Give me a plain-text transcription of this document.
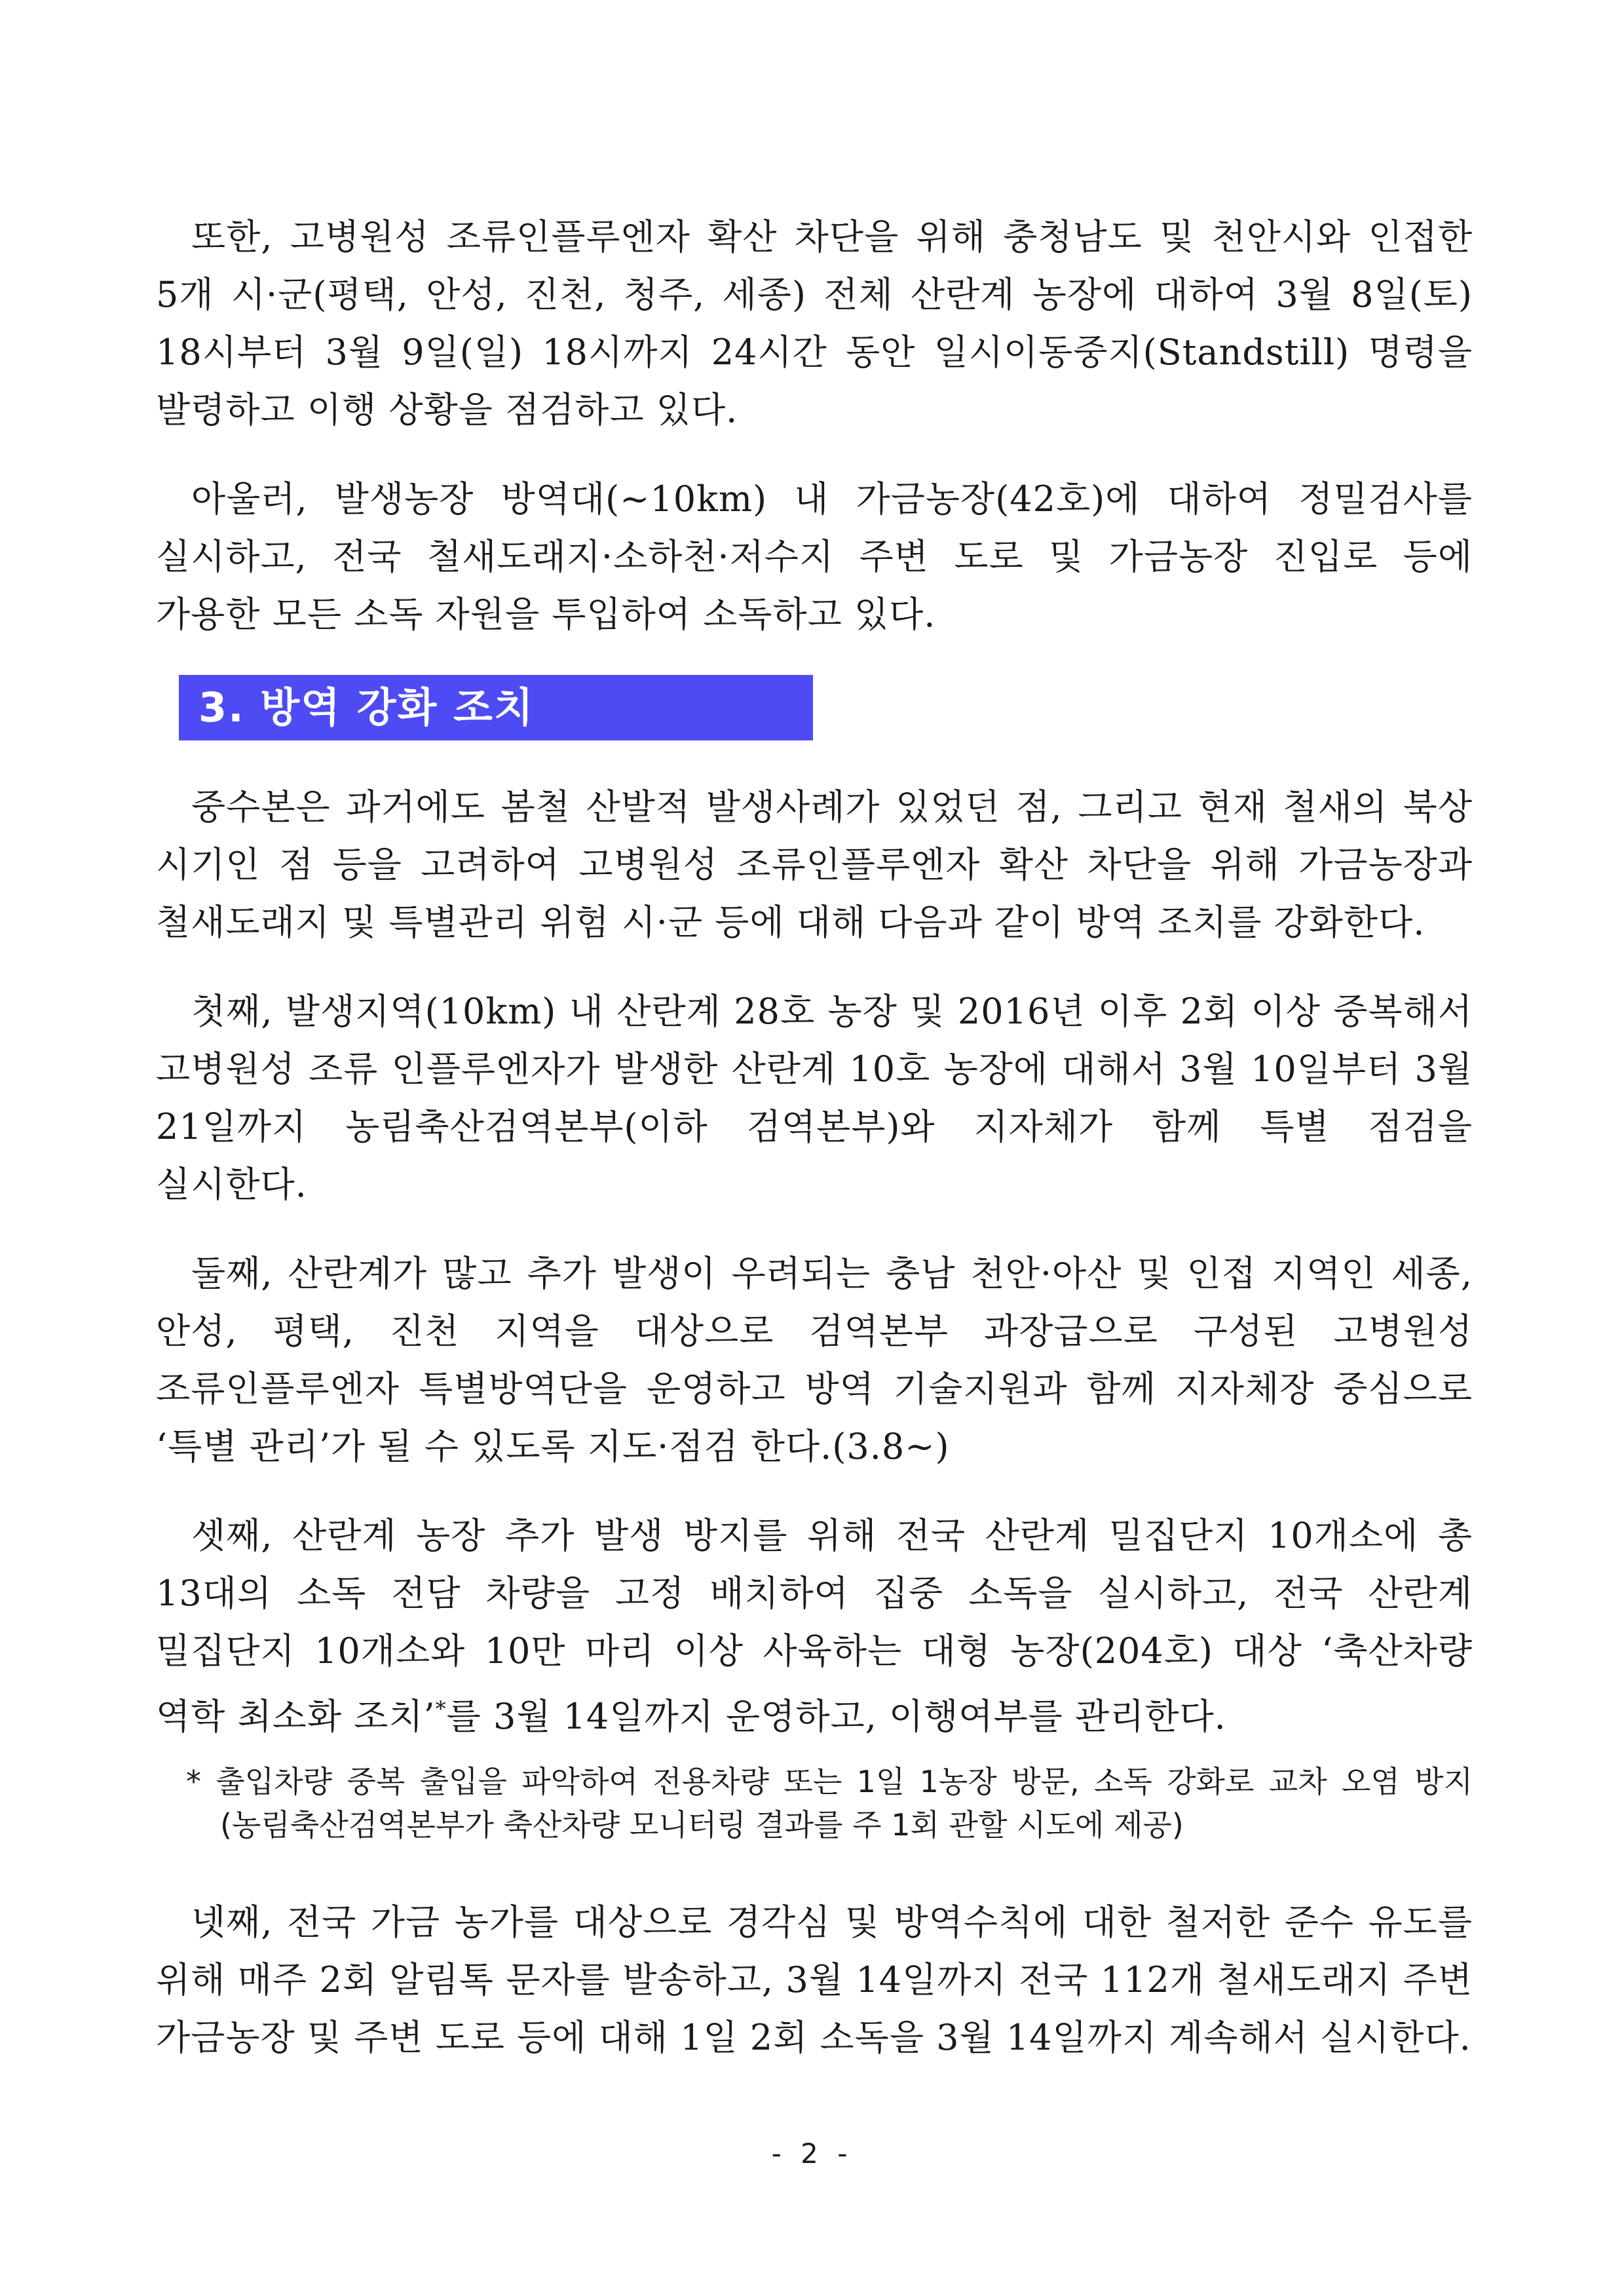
또한, 고병원성 조류인플루엔자 확산 차단을 위해 충청남도 및 천안시와 인접한 5개 시·군(평택, 안성, 진천, 청주, 세종) 전체 산란계 농장에 대하여 3월 8일(토) 18시부터 3월 9일(일) 18시까지 24시간 동안 일시이동중지(Standstill) 명령을 발령하고 이행 상황을 점검하고 있다.

아울러, 발생농장 방역대(~10km) 내 가금농장(42호)에 대하여 정밀검사를 실시하고, 전국 철새도래지·소하천·저수지 주변 도로 및 가금농장 진입로 등에 가용한 모든 소독 자원을 투입하여 소독하고 있다.

3. 방역 강화 조치

중수본은 과거에도 봄철 산발적 발생사례가 있었던 점, 그리고 현재 철새의 북상 시기인 점 등을 고려하여 고병원성 조류인플루엔자 확산 차단을 위해 가금농장과 철새도래지 및 특별관리 위험 시·군 등에 대해 다음과 같이 방역 조치를 강화한다.

첫째, 발생지역(10km) 내 산란계 28호 농장 및 2016년 이후 2회 이상 중복해서 고병원성 조류 인플루엔자가 발생한 산란계 10호 농장에 대해서 3월 10일부터 3월 21일까지 농림축산검역본부(이하 검역본부)와 지자체가 함께 특별 점검을 실시한다.

둘째, 산란계가 많고 추가 발생이 우려되는 충남 천안·아산 및 인접 지역인 세종, 안성, 평택, 진천 지역을 대상으로 검역본부 과장급으로 구성된 고병원성 조류인플루엔자 특별방역단을 운영하고 방역 기술지원과 함께 지자체장 중심으로 ‘특별 관리’가 될 수 있도록 지도·점검 한다.(3.8~)

셋째, 산란계 농장 추가 발생 방지를 위해 전국 산란계 밀집단지 10개소에 총 13대의 소독 전담 차량을 고정 배치하여 집중 소독을 실시하고, 전국 산란계 밀집단지 10개소와 10만 마리 이상 사육하는 대형 농장(204호) 대상 ‘축산차량 역학 최소화 조치’*를 3월 14일까지 운영하고, 이행여부를 관리한다.

* 출입차량 중복 출입을 파악하여 전용차량 또는 1일 1농장 방문, 소독 강화로 교차 오염 방지(농림축산검역본부가 축산차량 모니터링 결과를 주 1회 관할 시도에 제공)

넷째, 전국 가금 농가를 대상으로 경각심 및 방역수칙에 대한 철저한 준수 유도를 위해 매주 2회 알림톡 문자를 발송하고, 3월 14일까지 전국 112개 철새도래지 주변 가금농장 및 주변 도로 등에 대해 1일 2회 소독을 3월 14일까지 계속해서 실시한다.

- 2 -
